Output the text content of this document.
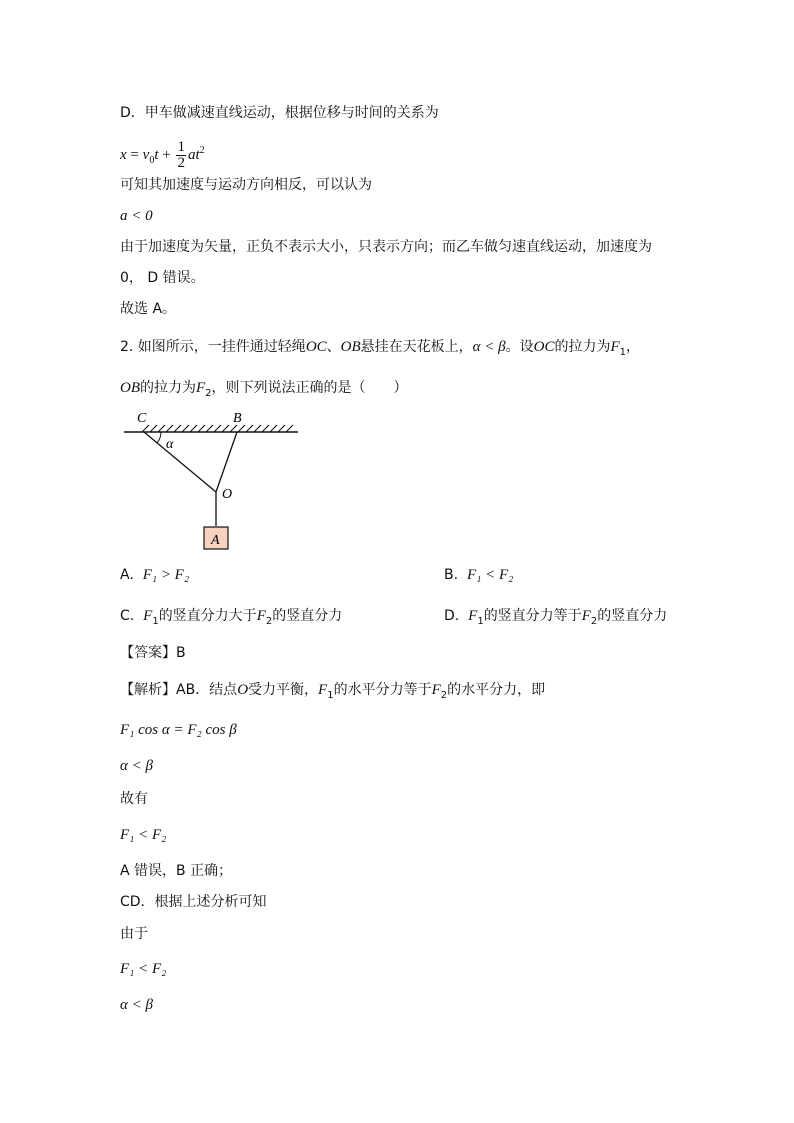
D．甲车做减速直线运动，根据位移与时间的关系为
$x = v_0t + \frac{1}{2} at^2$
可知其加速度与运动方向相反，可以认为
a < 0
由于加速度为矢量，正负不表示大小，只表示方向；而乙车做匀速直线运动，加速度为
0， D 错误。
故选 A。
2. 如图所示，一挂件通过轻绳OC、OB悬挂在天花板上，α < β。设OC的拉力为$F_1$，
OB的拉力为$F_2$，则下列说法正确的是（　　）
C	B
α
O
A
A. F₁ > F₂	B. F₁ < F₂
C. $F_1$的竖直分力大于$F_2$的竖直分力	D. $F_1$的竖直分力等于$F_2$的竖直分力
【答案】B
【解析】AB．结点O受力平衡，$F_1$的水平分力等于$F_2$的水平分力，即
F₁ cos α = F₂ cos β
α < β
故有
F₁ < F₂
A 错误，B 正确；
CD．根据上述分析可知
由于
F₁ < F₂
α < β
